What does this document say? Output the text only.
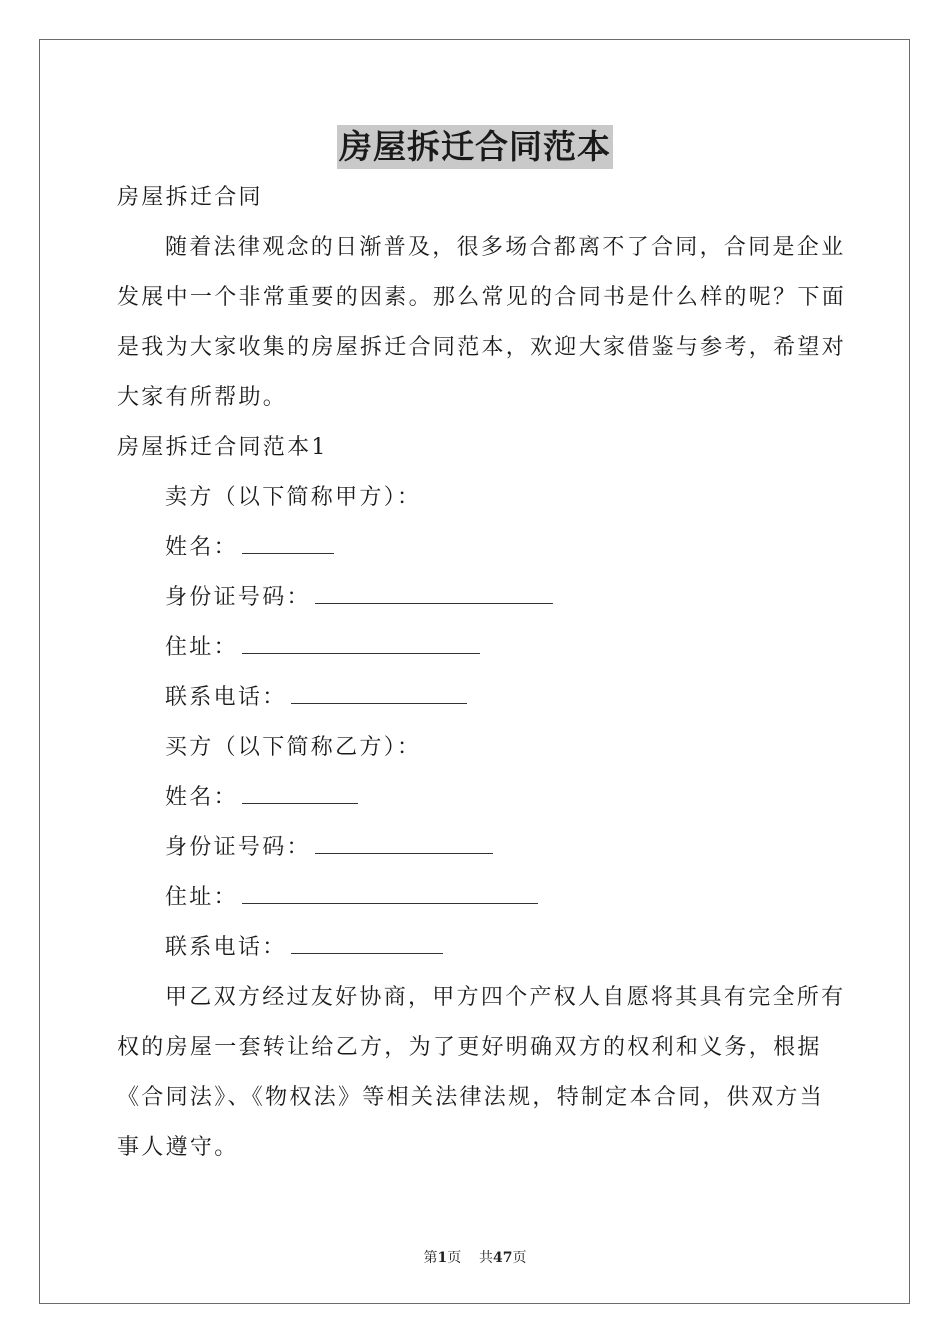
房屋拆迁合同范本
房屋拆迁合同
随着法律观念的日渐普及，很多场合都离不了合同，合同是企业
发展中一个非常重要的因素。那么常见的合同书是什么样的呢？下面
是我为大家收集的房屋拆迁合同范本，欢迎大家借鉴与参考，希望对
大家有所帮助。
房屋拆迁合同范本1
卖方（以下简称甲方）：
姓名：
身份证号码：
住址：
联系电话：
买方（以下简称乙方）：
姓名：
身份证号码：
住址：
联系电话：
甲乙双方经过友好协商，甲方四个产权人自愿将其具有完全所有
权的房屋一套转让给乙方，为了更好明确双方的权利和义务，根据
《合同法》、《物权法》等相关法律法规，特制定本合同，供双方当
事人遵守。
第1页 共47页
